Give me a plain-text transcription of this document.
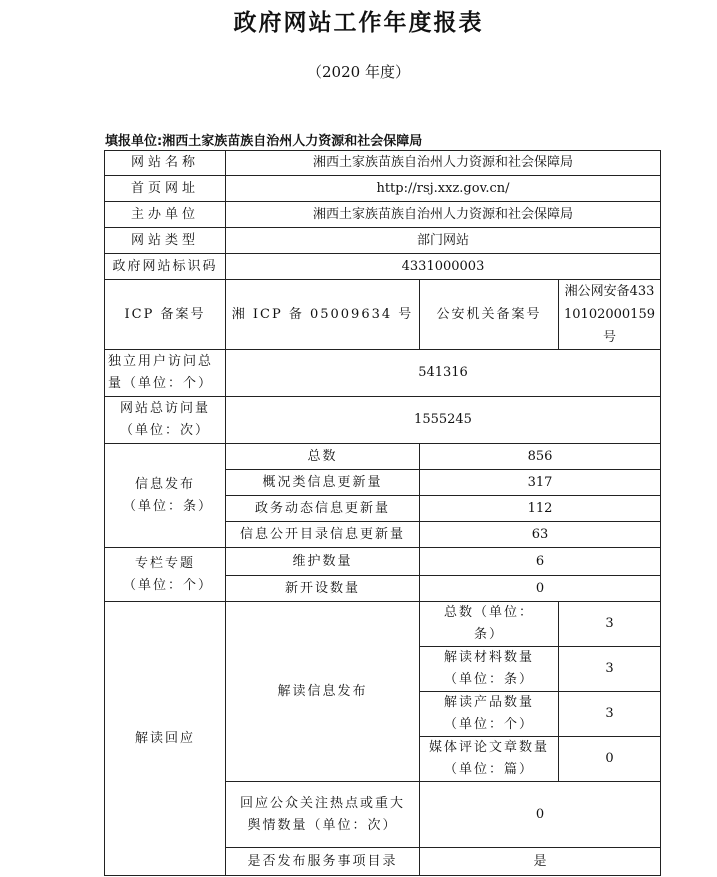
政府网站工作年度报表
（2020 年度）
填报单位:湘西土家族苗族自治州人力资源和社会保障局
网站名称	湘西土家族苗族自治州人力资源和社会保障局		
首页网址	http://rsj.xxz.gov.cn/		
主办单位	湘西土家族苗族自治州人力资源和社会保障局		
网站类型	部门网站		
政府网站标识码	4331000003		
ICP 备案号	湘 ICP 备 05009634 号	公安机关备案号	湘公网安备43310102000159号
独立用户访问总量（单位：个）	541316		
网站总访问量（单位：次）	1555245		
信息发布（单位：条）	总数	856	
	概况类信息更新量	317	
	政务动态信息更新量	112	
	信息公开目录信息更新量	63	
专栏专题（单位：个）	维护数量	6	
	新开设数量	0	
解读回应	解读信息发布	总数（单位：条）	3
		解读材料数量（单位：条）	3
		解读产品数量（单位：个）	3
		媒体评论文章数量（单位：篇）	0
	回应公众关注热点或重大舆情数量（单位：次）	0	
	是否发布服务事项目录	是	
